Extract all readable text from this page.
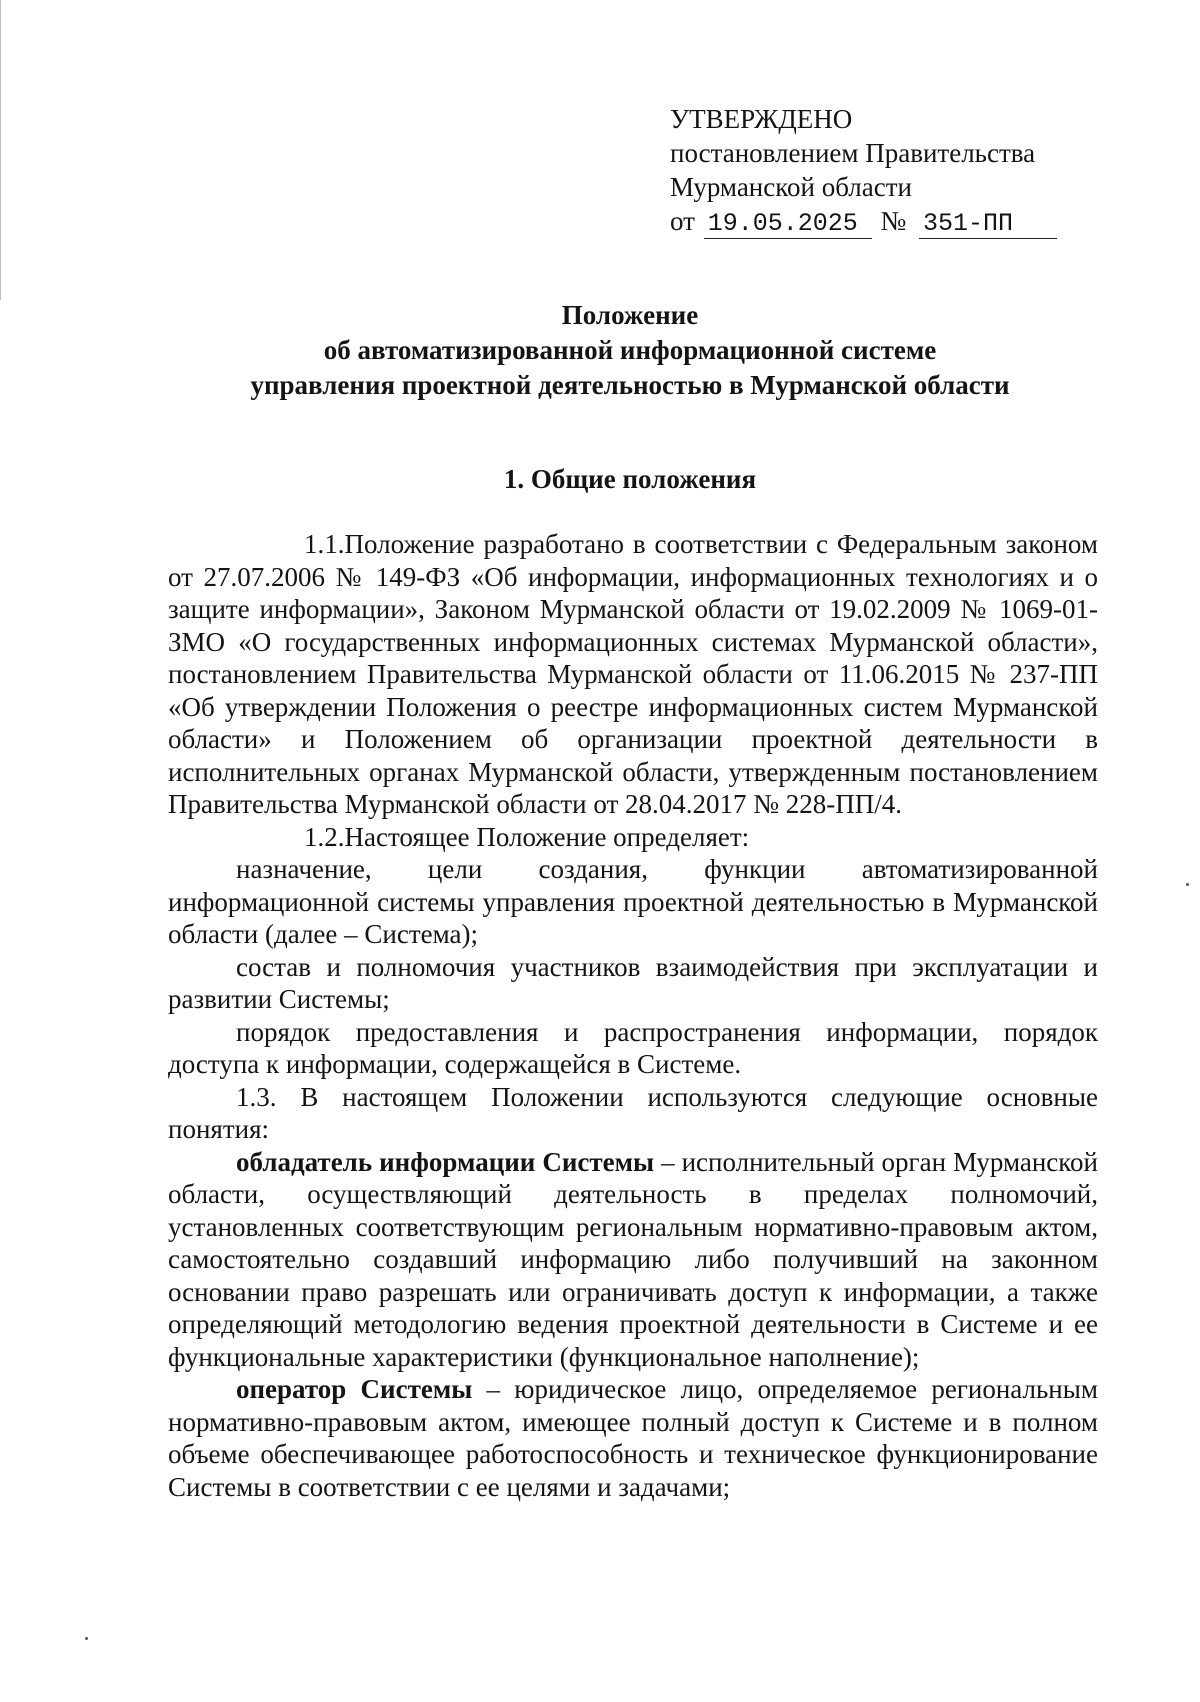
УТВЕРЖДЕНО
постановлением Правительства
Мурманской области
от 19.05.2025 № 351-ПП
Положение
об автоматизированной информационной системе
управления проектной деятельностью в Мурманской области
1. Общие положения

1.1.Положение разработано в соответствии с Федеральным законом от 27.07.2006 № 149-ФЗ «Об информации, информационных технологиях и о защите информации», Законом Мурманской области от 19.02.2009 № 1069-01-ЗМО «О государственных информационных системах Мурманской области», постановлением Правительства Мурманской области от 11.06.2015 № 237-ПП «Об утверждении Положения о реестре информационных систем Мурманской области» и Положением об организации проектной деятельности в исполнительных органах Мурманской области, утвержденным постановлением Правительства Мурманской области от 28.04.2017 № 228-ПП/4.

1.2.Настоящее Положение определяет:

назначение, цели создания, функции автоматизированной информационной системы управления проектной деятельностью в Мурманской области (далее – Система);

состав и полномочия участников взаимодействия при эксплуатации и развитии Системы;

порядок предоставления и распространения информации, порядок доступа к информации, содержащейся в Системе.

1.3. В настоящем Положении используются следующие основные понятия:

обладатель информации Системы – исполнительный орган Мурманской области, осуществляющий деятельность в пределах полномочий, установленных соответствующим региональным нормативно-правовым актом, самостоятельно создавший информацию либо получивший на законном основании право разрешать или ограничивать доступ к информации, а также определяющий методологию ведения проектной деятельности в Системе и ее функциональные характеристики (функциональное наполнение);

оператор Системы – юридическое лицо, определяемое региональным нормативно-правовым актом, имеющее полный доступ к Системе и в полном объеме обеспечивающее работоспособность и техническое функционирование Системы в соответствии с ее целями и задачами;
